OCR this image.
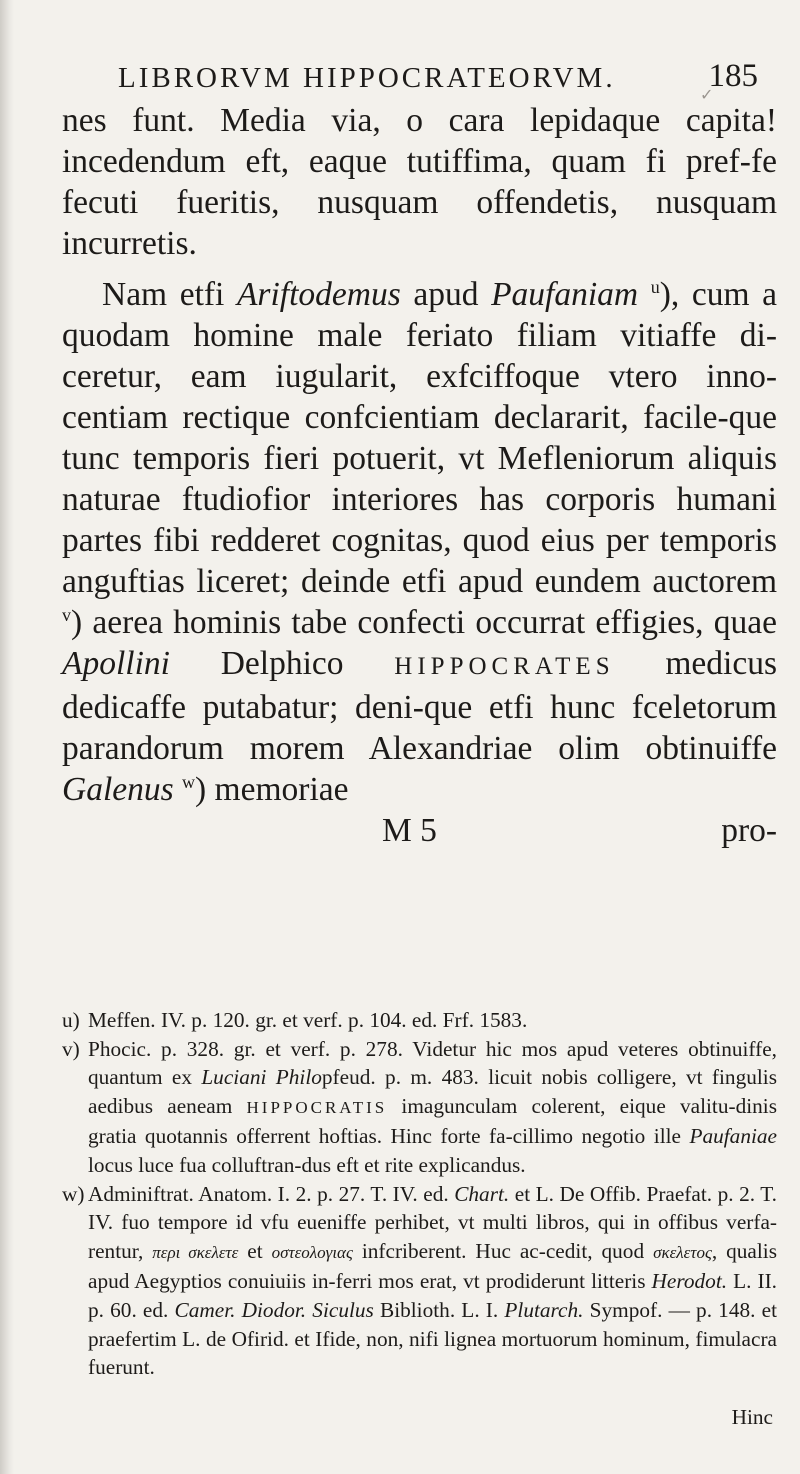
LIBRORVM HIPPOCRATEORVM.	185
✓

nes funt. Media via, o cara lepidaque capita! incedendum eft, eaque tutiffima, quam fi pref-fe fecuti fueritis, nusquam offendetis, nusquam incurretis.

Nam etfi Ariftodemus apud Paufaniam $^u$), cum a quodam homine male feriato filiam vitiaffe di-ceretur, eam iugularit, exfciffoque vtero inno-centiam rectique confcientiam declararit, facile-que tunc temporis fieri potuerit, vt Mefleniorum aliquis naturae ftudiofior interiores has corporis humani partes fibi redderet cognitas, quod eius per temporis anguftias liceret; deinde etfi apud eundem auctorem $^v$) aerea hominis tabe confecti occurrat effigies, quae Apollini Delphico HIPPOCRATES medicus dedicaffe putabatur; deni-que etfi hunc fceletorum parandorum morem Alexandriae olim obtinuiffe Galenus $^w$) memoriae

M 5	pro-

u) Meffen. IV. p. 120. gr. et verf. p. 104. ed. Frf. 1583.

v) Phocic. p. 328. gr. et verf. p. 278. Videtur hic mos apud veteres obtinuiffe, quantum ex Luciani Philopfeud. p. m. 483. licuit nobis colligere, vt fingulis aedibus aeneam HIPPOCRATIS imagunculam colerent, eique valitu-dinis gratia quotannis offerrent hoftias. Hinc forte fa-cillimo negotio ille Paufaniae locus luce fua colluftran-dus eft et rite explicandus.

w) Adminiftrat. Anatom. I. 2. p. 27. T. IV. ed. Chart. et L. De Offib. Praefat. p. 2. T. IV. fuo tempore id vfu eueniffe perhibet, vt multi libros, qui in offibus verfa-rentur, περι σκελετε et οστεολογιας infcriberent. Huc ac-cedit, quod σκελετος, qualis apud Aegyptios conuiuiis in-ferri mos erat, vt prodiderunt litteris Herodot. L. II. p. 60. ed. Camer. Diodor. Siculus Biblioth. L. I. Plutarch. Sympof. — p. 148. et praefertim L. de Ofirid. et Ifide, non, nifi lignea mortuorum hominum, fimulacra fuerunt.

Hinc
